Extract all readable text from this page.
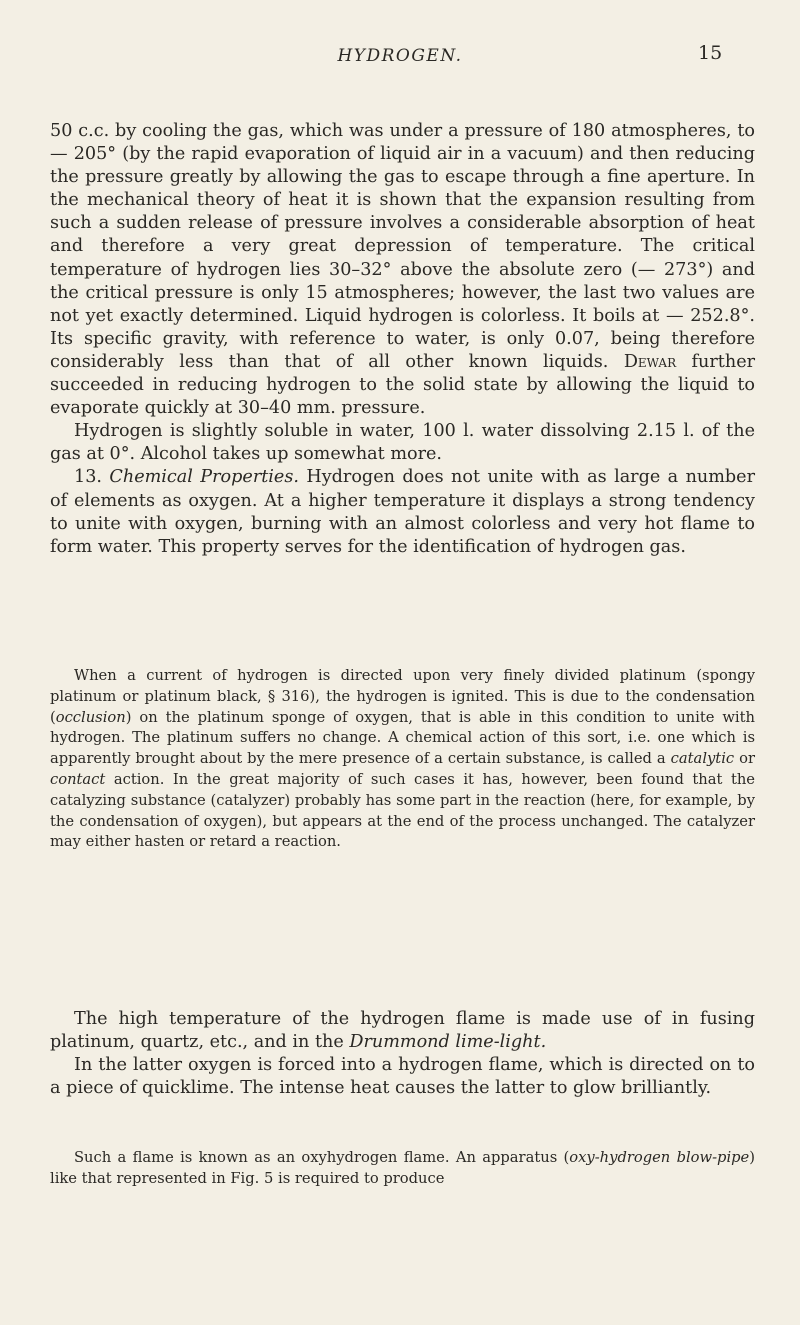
HYDROGEN.	15

50 c.c. by cooling the gas, which was under a pressure of 180 atmospheres, to — 205° (by the rapid evaporation of liquid air in a vacuum) and then reducing the pressure greatly by allowing the gas to escape through a fine aperture. In the mechanical theory of heat it is shown that the expansion resulting from such a sudden release of pressure involves a considerable absorption of heat and therefore a very great depression of temperature. The critical temperature of hydrogen lies 30–32° above the absolute zero (— 273°) and the critical pressure is only 15 atmospheres; however, the last two values are not yet exactly determined. Liquid hydrogen is colorless. It boils at — 252.8°. Its specific gravity, with reference to water, is only 0.07, being therefore considerably less than that of all other known liquids. Dewar further succeeded in reducing hydrogen to the solid state by allowing the liquid to evaporate quickly at 30–40 mm. pressure.

Hydrogen is slightly soluble in water, 100 l. water dissolving 2.15 l. of the gas at 0°. Alcohol takes up somewhat more.

13. Chemical Properties. Hydrogen does not unite with as large a number of elements as oxygen. At a higher temperature it displays a strong tendency to unite with oxygen, burning with an almost colorless and very hot flame to form water. This property serves for the identification of hydrogen gas.

When a current of hydrogen is directed upon very finely divided platinum (spongy platinum or platinum black, § 316), the hydrogen is ignited. This is due to the condensation (occlusion) on the platinum sponge of oxygen, that is able in this condition to unite with hydrogen. The platinum suffers no change. A chemical action of this sort, i.e. one which is apparently brought about by the mere presence of a certain substance, is called a catalytic or contact action. In the great majority of such cases it has, however, been found that the catalyzing substance (catalyzer) probably has some part in the reaction (here, for example, by the condensation of oxygen), but appears at the end of the process unchanged. The catalyzer may either hasten or retard a reaction.

The high temperature of the hydrogen flame is made use of in fusing platinum, quartz, etc., and in the Drummond lime-light.

In the latter oxygen is forced into a hydrogen flame, which is directed on to a piece of quicklime. The intense heat causes the latter to glow brilliantly.

Such a flame is known as an oxyhydrogen flame. An apparatus (oxy-hydrogen blow-pipe) like that represented in Fig. 5 is required to produce
